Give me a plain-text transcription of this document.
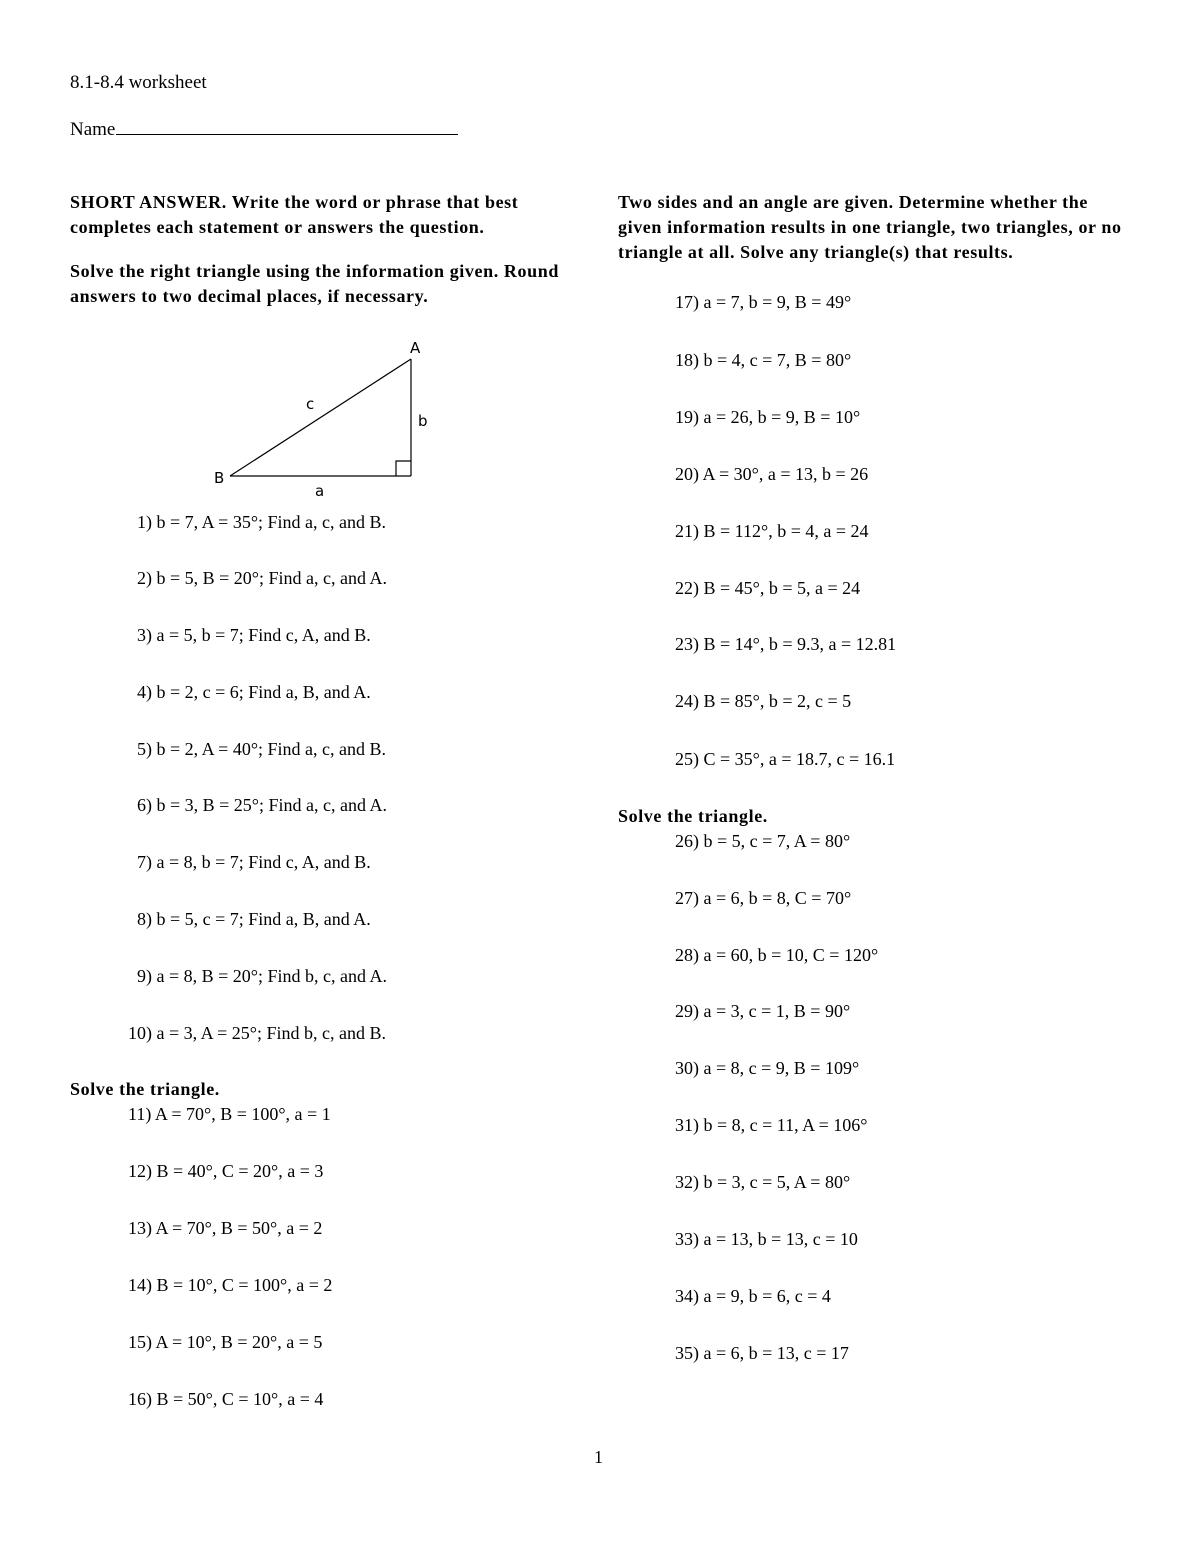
8.1-8.4 worksheet
Name
SHORT ANSWER. Write the word or phrase that best completes each statement or answers the question.
Solve the right triangle using the information given. Round answers to two decimal places, if necessary.
A
B
a
b
c
1) b = 7, A = 35°; Find a, c, and B.
2) b = 5, B = 20°; Find a, c, and A.
3) a = 5, b = 7; Find c, A, and B.
4) b = 2, c = 6; Find a, B, and A.
5) b = 2, A = 40°; Find a, c, and B.
6) b = 3, B = 25°; Find a, c, and A.
7) a = 8, b = 7; Find c, A, and B.
8) b = 5, c = 7; Find a, B, and A.
9) a = 8, B = 20°; Find b, c, and A.
10) a = 3, A = 25°; Find b, c, and B.
Solve the triangle.
11) A = 70°, B = 100°, a = 1
12) B = 40°, C = 20°, a = 3
13) A = 70°, B = 50°, a = 2
14) B = 10°, C = 100°, a = 2
15) A = 10°, B = 20°, a = 5
16) B = 50°, C = 10°, a = 4
Two sides and an angle are given. Determine whether the given information results in one triangle, two triangles, or no triangle at all. Solve any triangle(s) that results.
17) a = 7, b = 9, B = 49°
18) b = 4, c = 7, B = 80°
19) a = 26, b = 9, B = 10°
20) A = 30°, a = 13, b = 26
21) B = 112°, b = 4, a = 24
22) B = 45°, b = 5, a = 24
23) B = 14°, b = 9.3, a = 12.81
24) B = 85°, b = 2, c = 5
25) C = 35°, a = 18.7, c = 16.1
Solve the triangle.
26) b = 5, c = 7, A = 80°
27) a = 6, b = 8, C = 70°
28) a = 60, b = 10, C = 120°
29) a = 3, c = 1, B = 90°
30) a = 8, c = 9, B = 109°
31) b = 8, c = 11, A = 106°
32) b = 3, c = 5, A = 80°
33) a = 13, b = 13, c = 10
34) a = 9, b = 6, c = 4
35) a = 6, b = 13, c = 17
1
